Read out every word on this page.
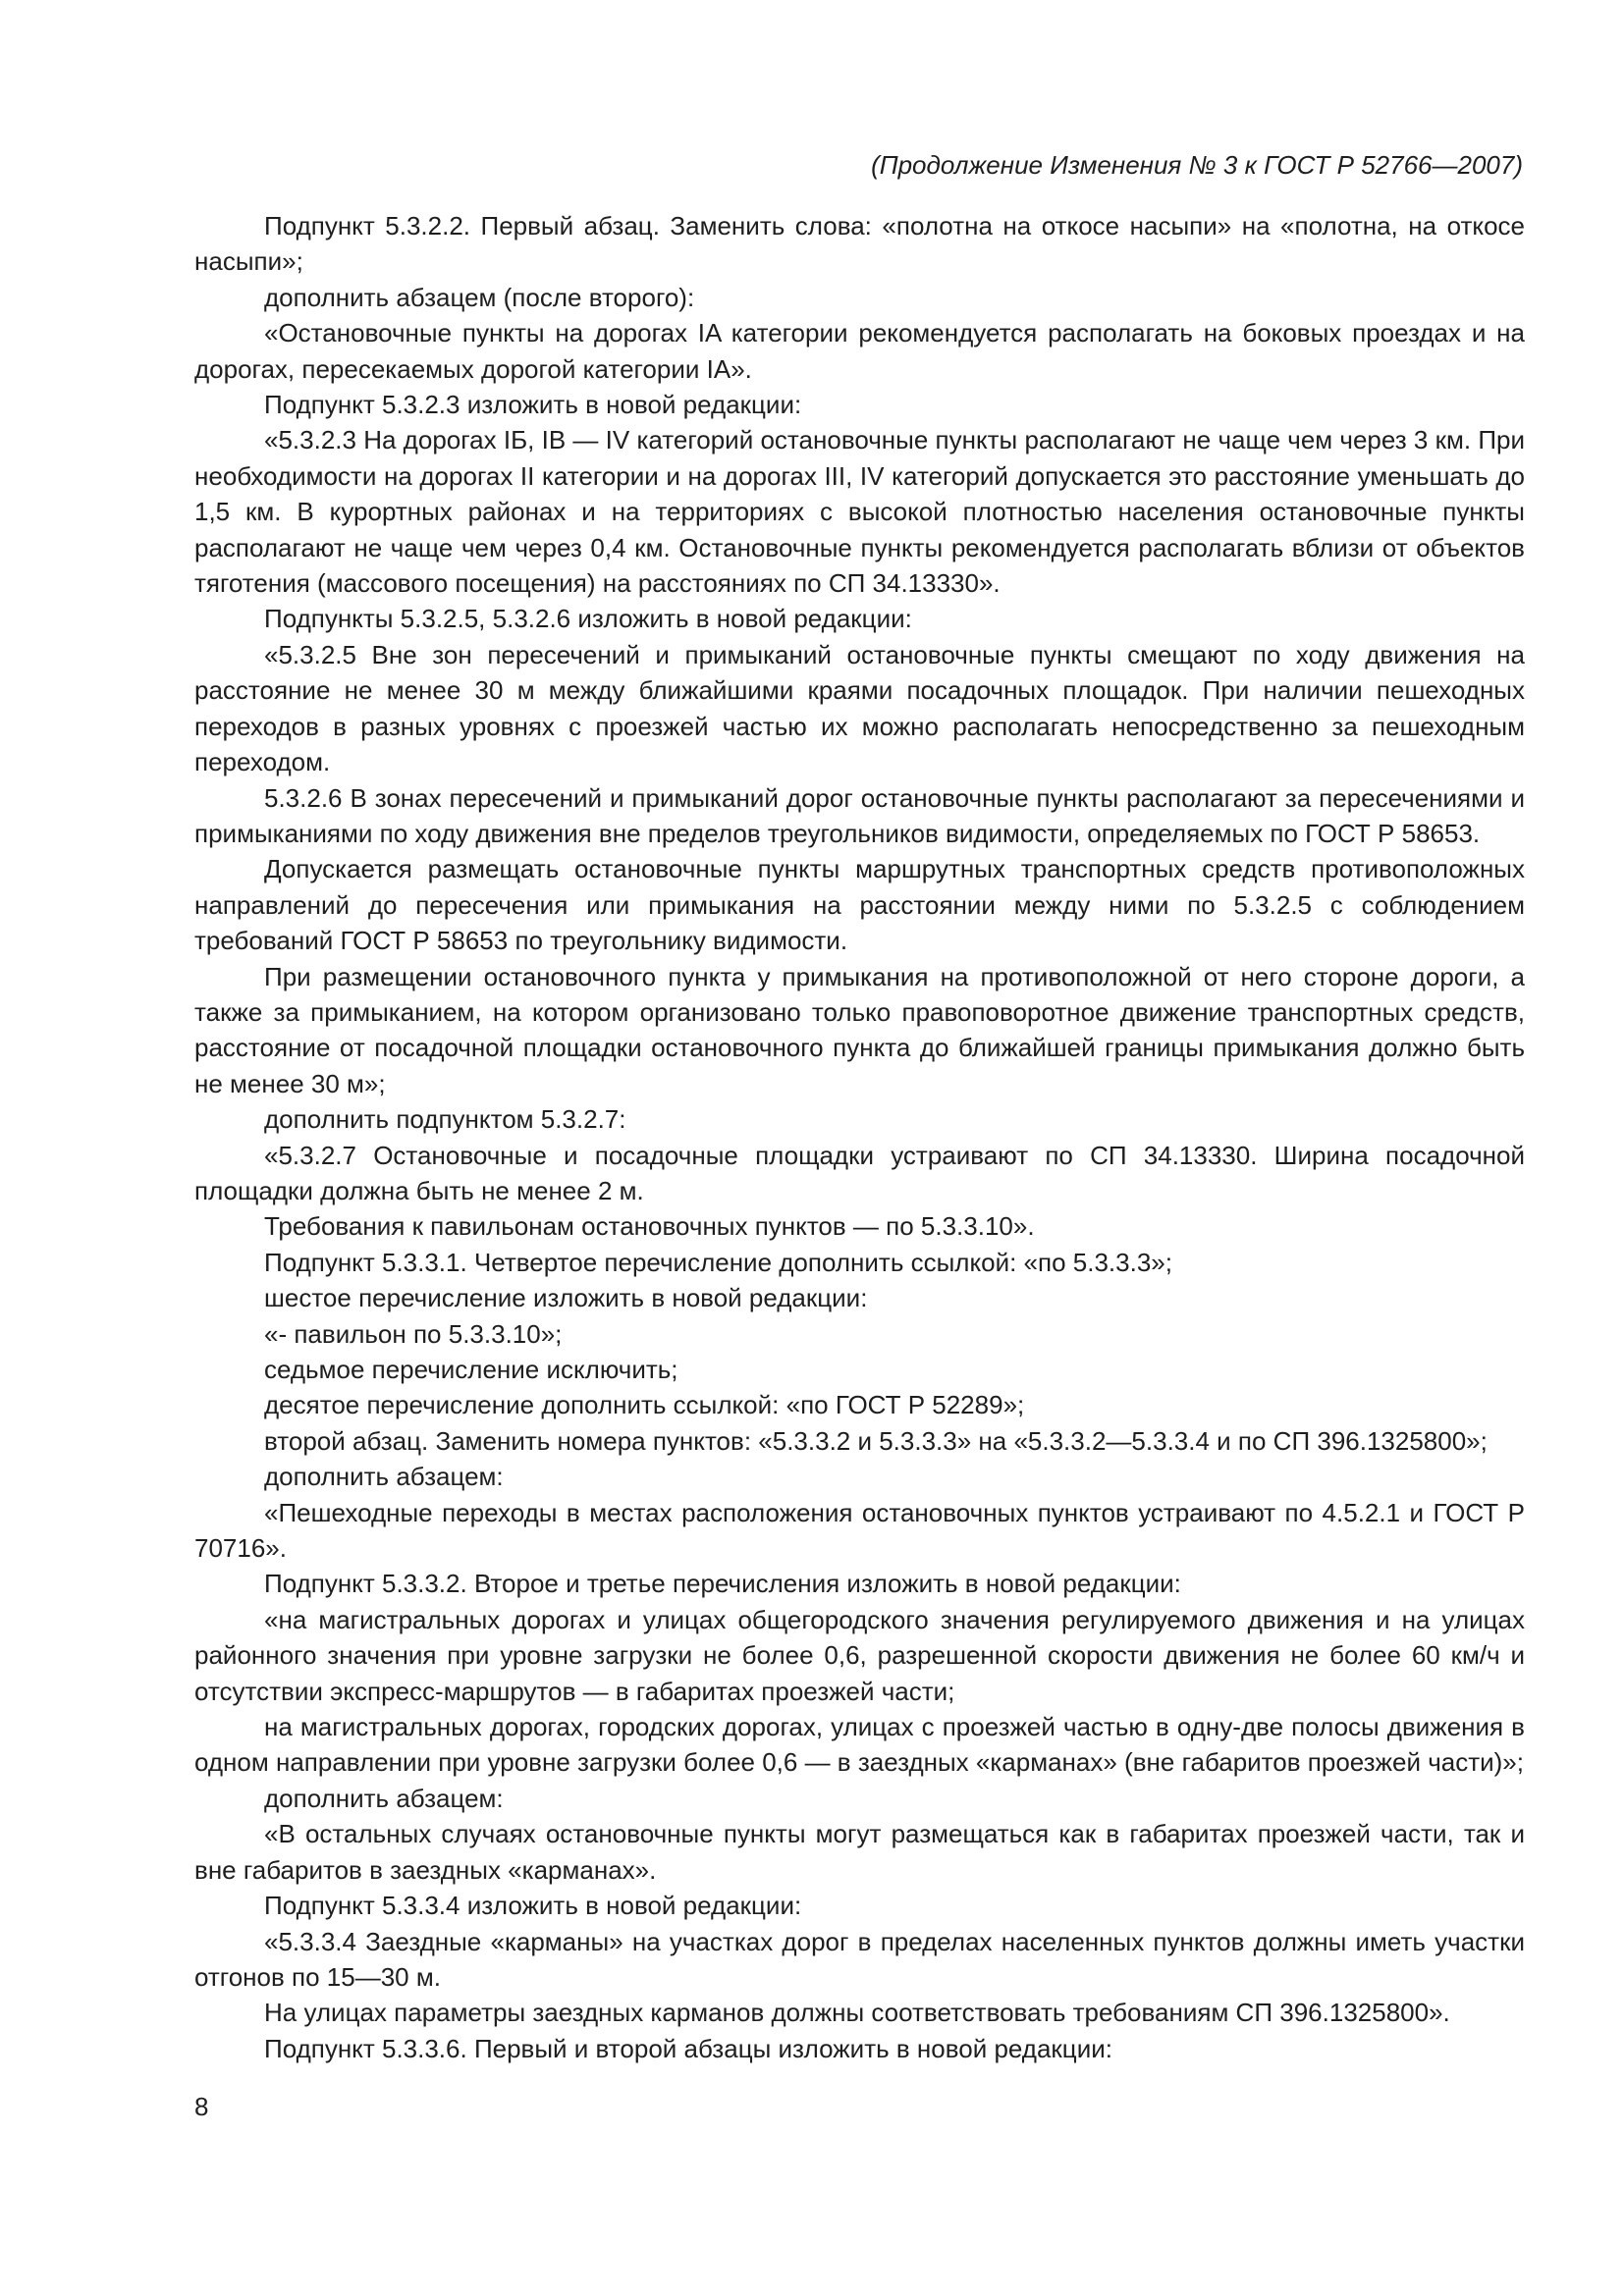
(Продолжение Изменения № 3 к ГОСТ Р 52766—2007)

Подпункт 5.3.2.2. Первый абзац. Заменить слова: «полотна на откосе насыпи» на «полотна, на откосе насыпи»;

дополнить абзацем (после второго):

«Остановочные пункты на дорогах IA категории рекомендуется располагать на боковых проездах и на дорогах, пересекаемых дорогой категории IA».

Подпункт 5.3.2.3 изложить в новой редакции:

«5.3.2.3 На дорогах IБ, IВ — IV категорий остановочные пункты располагают не чаще чем через 3 км. При необходимости на дорогах II категории и на дорогах III, IV категорий допускается это расстояние уменьшать до 1,5 км. В курортных районах и на территориях с высокой плотностью населения остановочные пункты располагают не чаще чем через 0,4 км. Остановочные пункты рекомендуется располагать вблизи от объектов тяготения (массового посещения) на расстояниях по СП 34.13330».

Подпункты 5.3.2.5, 5.3.2.6 изложить в новой редакции:

«5.3.2.5 Вне зон пересечений и примыканий остановочные пункты смещают по ходу движения на расстояние не менее 30 м между ближайшими краями посадочных площадок. При наличии пешеходных переходов в разных уровнях с проезжей частью их можно располагать непосредственно за пешеходным переходом.

5.3.2.6 В зонах пересечений и примыканий дорог остановочные пункты располагают за пересечениями и примыканиями по ходу движения вне пределов треугольников видимости, определяемых по ГОСТ Р 58653.

Допускается размещать остановочные пункты маршрутных транспортных средств противоположных направлений до пересечения или примыкания на расстоянии между ними по 5.3.2.5 с соблюдением требований ГОСТ Р 58653 по треугольнику видимости.

При размещении остановочного пункта у примыкания на противоположной от него стороне дороги, а также за примыканием, на котором организовано только правоповоротное движение транспортных средств, расстояние от посадочной площадки остановочного пункта до ближайшей границы примыкания должно быть не менее 30 м»;

дополнить подпунктом 5.3.2.7:

«5.3.2.7 Остановочные и посадочные площадки устраивают по СП 34.13330. Ширина посадочной площадки должна быть не менее 2 м.

Требования к павильонам остановочных пунктов — по 5.3.3.10».

Подпункт 5.3.3.1. Четвертое перечисление дополнить ссылкой: «по 5.3.3.3»;

шестое перечисление изложить в новой редакции:

«- павильон по 5.3.3.10»;

седьмое перечисление исключить;

десятое перечисление дополнить ссылкой: «по ГОСТ Р 52289»;

второй абзац. Заменить номера пунктов: «5.3.3.2 и 5.3.3.3» на «5.3.3.2—5.3.3.4 и по СП 396.1325800»;

дополнить абзацем:

«Пешеходные переходы в местах расположения остановочных пунктов устраивают по 4.5.2.1 и ГОСТ Р 70716».

Подпункт 5.3.3.2. Второе и третье перечисления изложить в новой редакции:

«на магистральных дорогах и улицах общегородского значения регулируемого движения и на улицах районного значения при уровне загрузки не более 0,6, разрешенной скорости движения не более 60 км/ч и отсутствии экспресс-маршрутов — в габаритах проезжей части;

на магистральных дорогах, городских дорогах, улицах с проезжей частью в одну-две полосы движения в одном направлении при уровне загрузки более 0,6 — в заездных «карманах» (вне габаритов проезжей части)»;

дополнить абзацем:

«В остальных случаях остановочные пункты могут размещаться как в габаритах проезжей части, так и вне габаритов в заездных «карманах».

Подпункт 5.3.3.4 изложить в новой редакции:

«5.3.3.4 Заездные «карманы» на участках дорог в пределах населенных пунктов должны иметь участки отгонов по 15—30 м.

На улицах параметры заездных карманов должны соответствовать требованиям СП 396.1325800».

Подпункт 5.3.3.6. Первый и второй абзацы изложить в новой редакции:

8
